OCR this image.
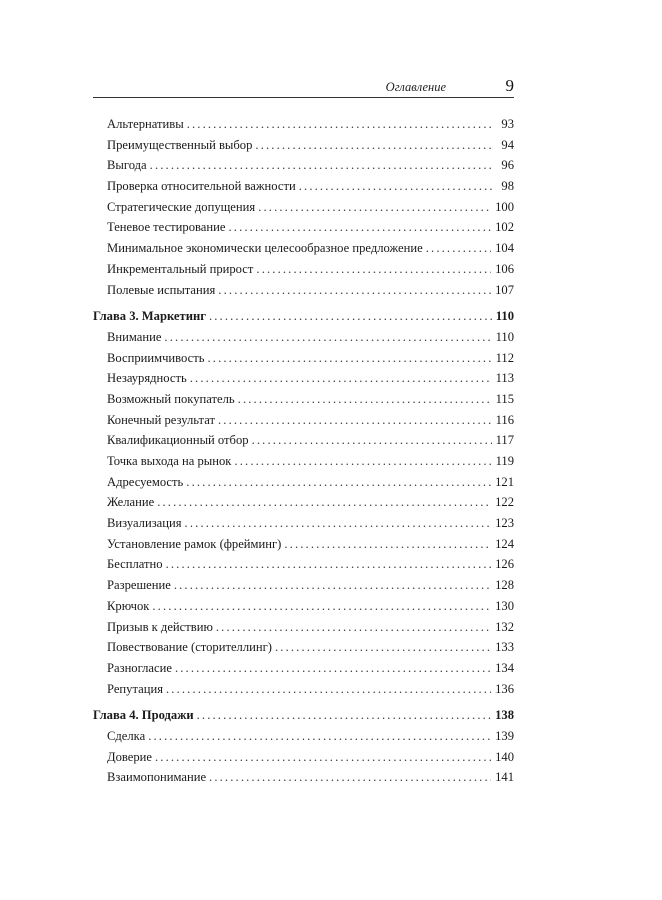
Оглавление	9
Альтернативы . . .	93
Преимущественный выбор . . .	94
Выгода . . .	96
Проверка относительной важности . . .	98
Стратегические допущения . . .	100
Теневое тестирование . . .	102
Минимальное экономически целесообразное предложение . . .	104
Инкрементальный прирост . . .	106
Полевые испытания . . .	107
Глава 3. Маркетинг . . .	110
Внимание . . .	110
Восприимчивость . . .	112
Незаурядность . . .	113
Возможный покупатель . . .	115
Конечный результат . . .	116
Квалификационный отбор . . .	117
Точка выхода на рынок . . .	119
Адресуемость . . .	121
Желание . . .	122
Визуализация . . .	123
Установление рамок (фрейминг) . . .	124
Бесплатно . . .	126
Разрешение . . .	128
Крючок . . .	130
Призыв к действию . . .	132
Повествование (сторителлинг) . . .	133
Разногласие . . .	134
Репутация . . .	136
Глава 4. Продажи . . .	138
Сделка . . .	139
Доверие . . .	140
Взаимопонимание . . .	141
